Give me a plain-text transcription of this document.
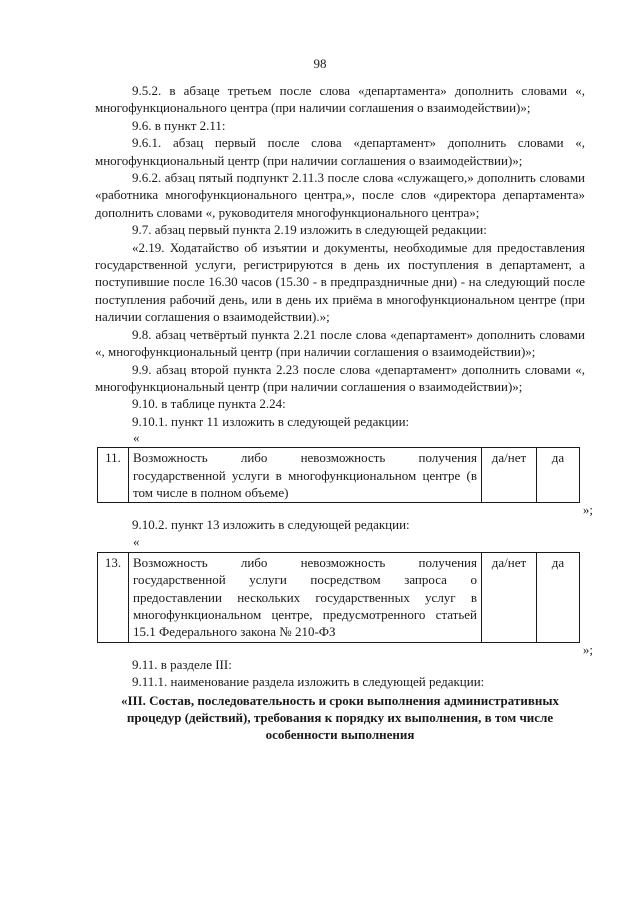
98

9.5.2. в абзаце третьем после слова «департамента» дополнить словами «, многофункционального центра (при наличии соглашения о взаимодействии)»;

9.6. в пункт 2.11:

9.6.1. абзац первый после слова «департамент» дополнить словами «, многофункциональный центр (при наличии соглашения о взаимодействии)»;

9.6.2. абзац пятый подпункт 2.11.3 после слова «служащего,» дополнить словами «работника многофункционального центра,», после слов «директора департамента» дополнить словами «, руководителя многофункционального центра»;

9.7. абзац первый пункта 2.19 изложить в следующей редакции:

«2.19. Ходатайство об изъятии и документы, необходимые для предоставления государственной услуги, регистрируются в день их поступления в департамент, а поступившие после 16.30 часов (15.30 - в предпраздничные дни) - на следующий после поступления рабочий день, или в день их приёма в многофункциональном центре (при наличии соглашения о взаимодействии).»;

9.8. абзац четвёртый пункта 2.21 после слова «департамент» дополнить словами «, многофункциональный центр (при наличии соглашения о взаимодействии)»;

9.9. абзац второй пункта 2.23 после слова «департамент» дополнить словами «, многофункциональный центр (при наличии соглашения о взаимодействии)»;

9.10. в таблице пункта 2.24:

9.10.1. пункт 11 изложить в следующей редакции:

«
11.	Возможность либо невозможность получения государственной услуги в многофункциональном центре (в том числе в полном объеме)	да/нет	да
»;

9.10.2. пункт 13 изложить в следующей редакции:

«
13.	Возможность либо невозможность получения государственной услуги посредством запроса о предоставлении нескольких государственных услуг в многофункциональном центре, предусмотренного статьей 15.1 Федерального закона № 210-ФЗ	да/нет	да
»;

9.11. в разделе III:

9.11.1. наименование раздела изложить в следующей редакции:

«III. Состав, последовательность и сроки выполнения административных процедур (действий), требования к порядку их выполнения, в том числе особенности выполнения
